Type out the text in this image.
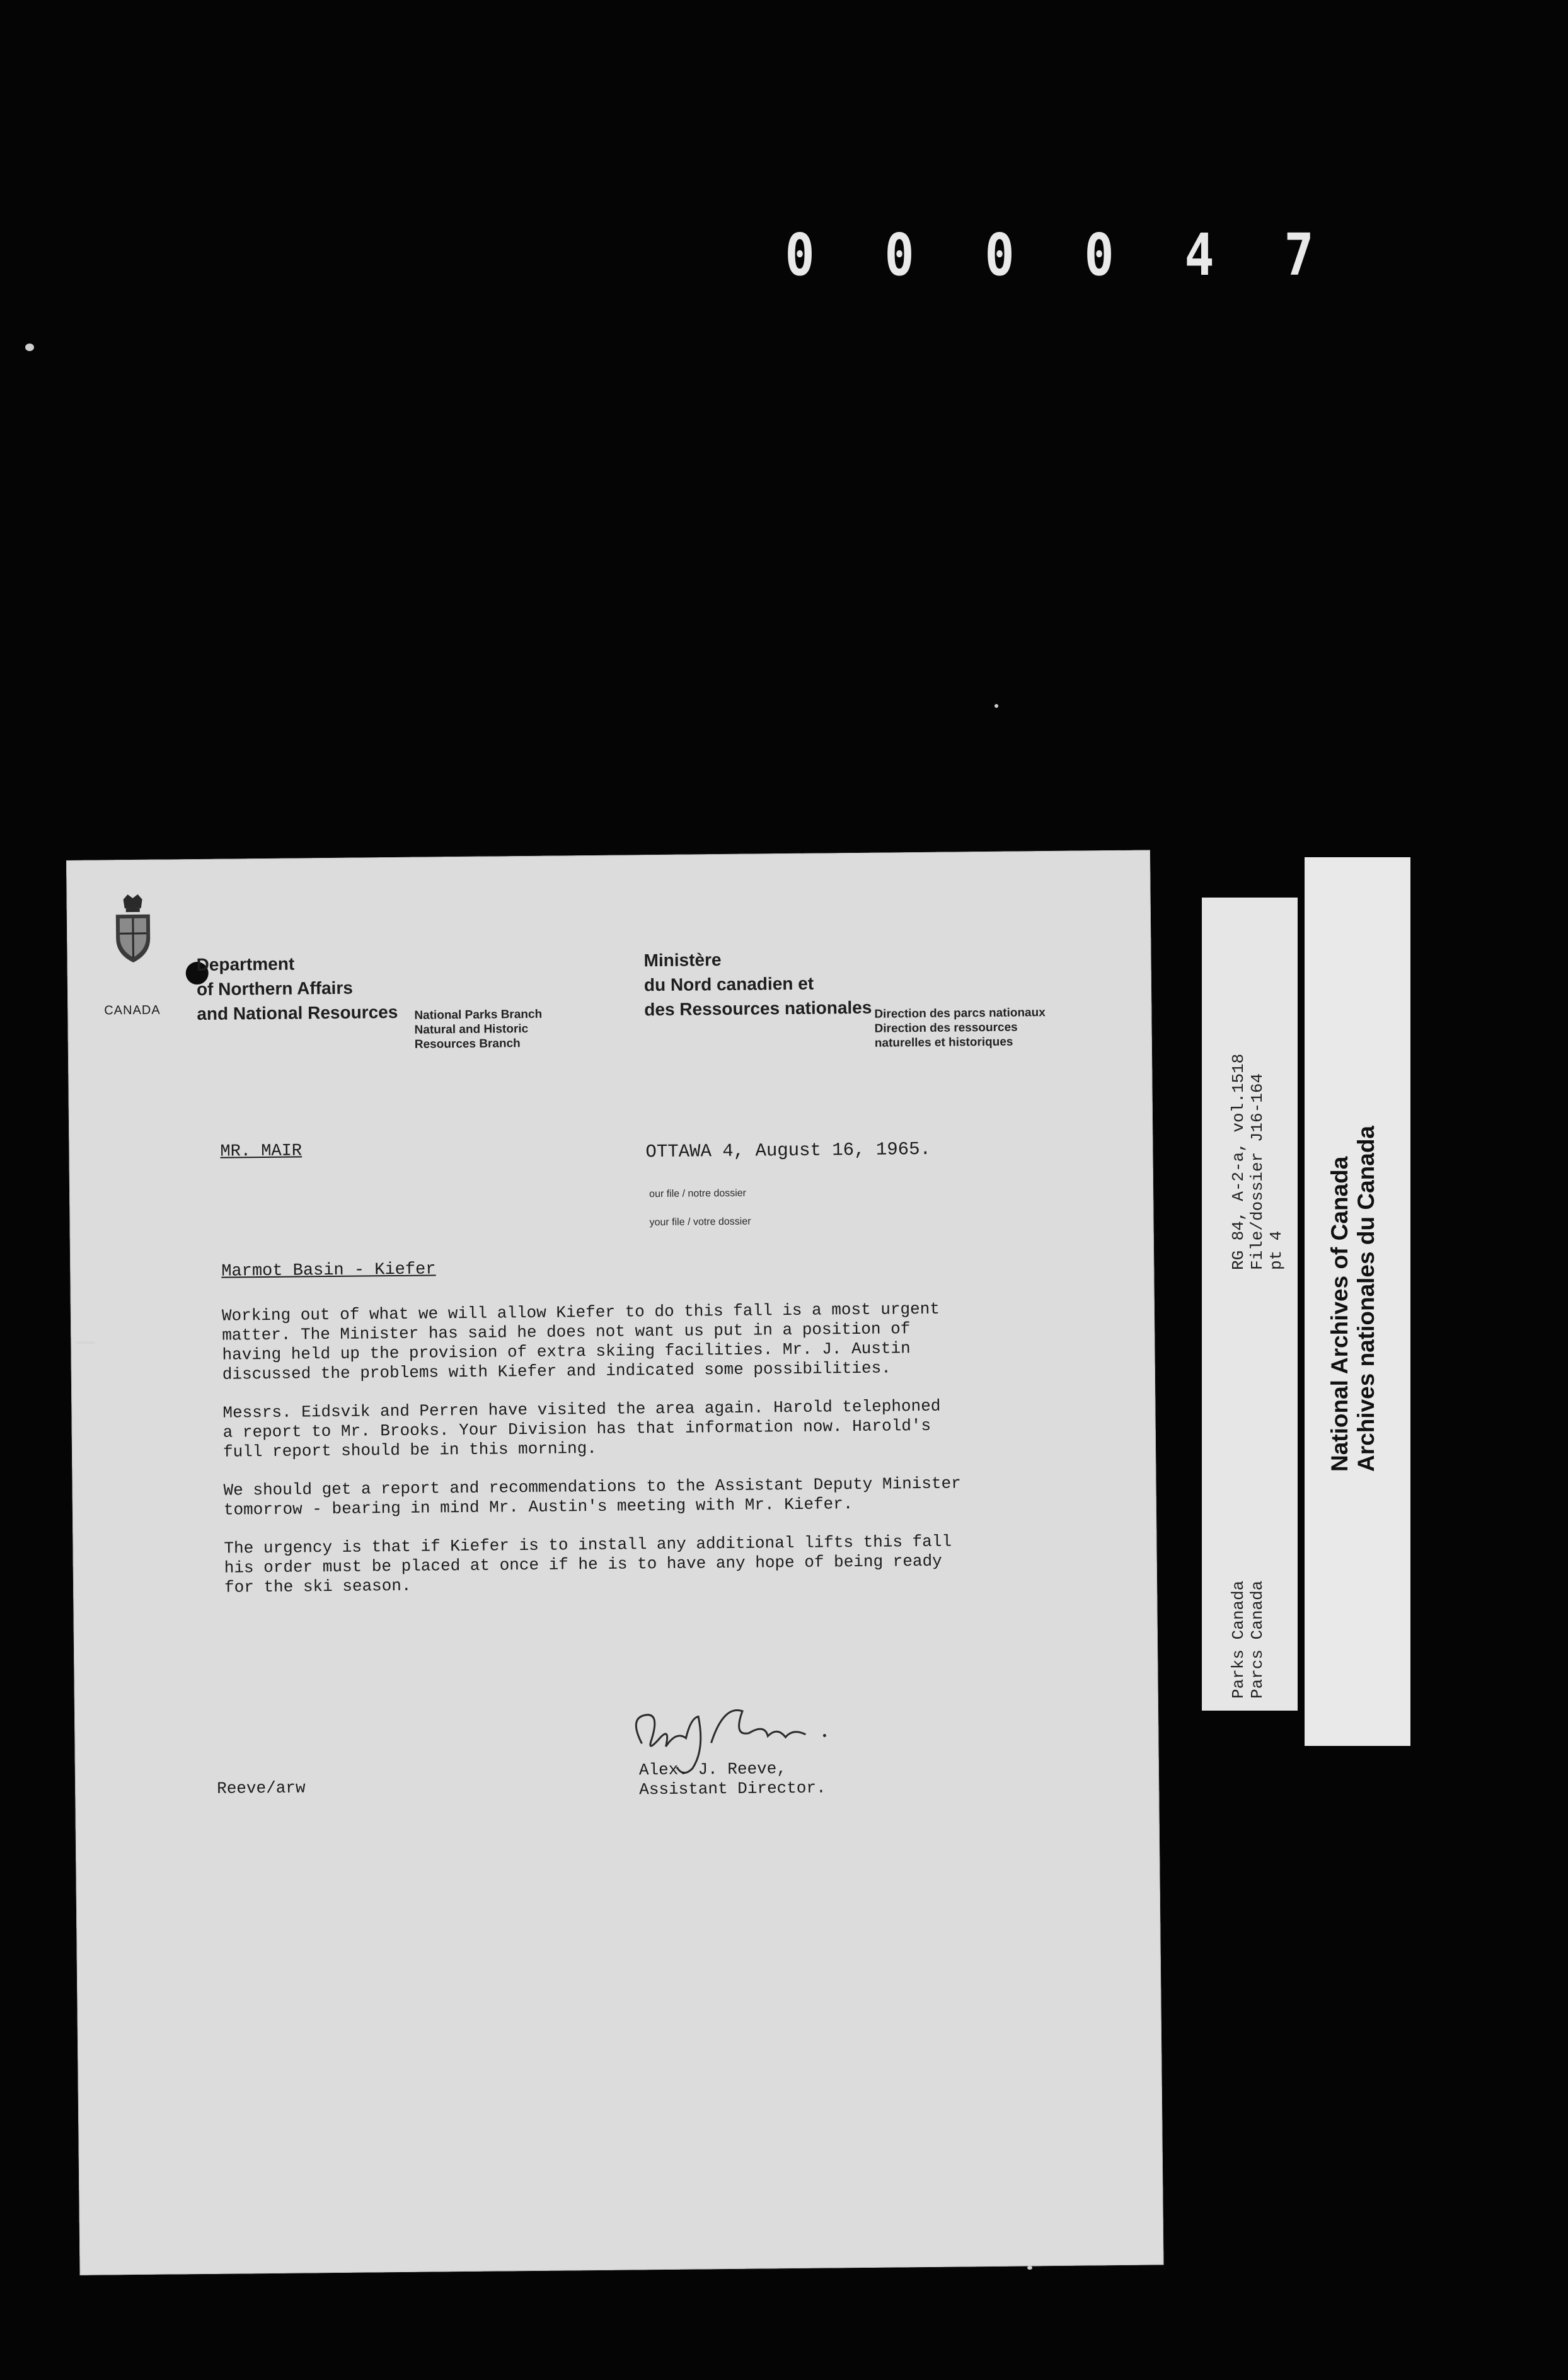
0 0 0 0 4 7
CANADA
Department
of Northern Affairs
and National Resources National Parks Branch
Natural and Historic
Resources Branch
Ministère
du Nord canadien et
des Ressources nationales Direction des parcs nationaux
Direction des ressources
naturelles et historiques
MR. MAIR	OTTAWA 4, August 16, 1965.
our file / notre dossier
your file / votre dossier
Marmot Basin - Kiefer

Working out of what we will allow Kiefer to do this fall is a most urgent
matter. The Minister has said he does not want us put in a position of
having held up the provision of extra skiing facilities. Mr. J. Austin
discussed the problems with Kiefer and indicated some possibilities.

Messrs. Eidsvik and Perren have visited the area again. Harold telephoned
a report to Mr. Brooks. Your Division has that information now. Harold's
full report should be in this morning.

We should get a report and recommendations to the Assistant Deputy Minister
tomorrow - bearing in mind Mr. Austin's meeting with Mr. Kiefer.

The urgency is that if Kiefer is to install any additional lifts this fall
his order must be placed at once if he is to have any hope of being ready
for the ski season.

Reeve/arw
Alex. J. Reeve,
Assistant Director.
RG 84, A-2-a, vol.1518
File/dossier J16-164
pt 4
Parks Canada
Parcs Canada
National Archives of Canada
Archives nationales du Canada
